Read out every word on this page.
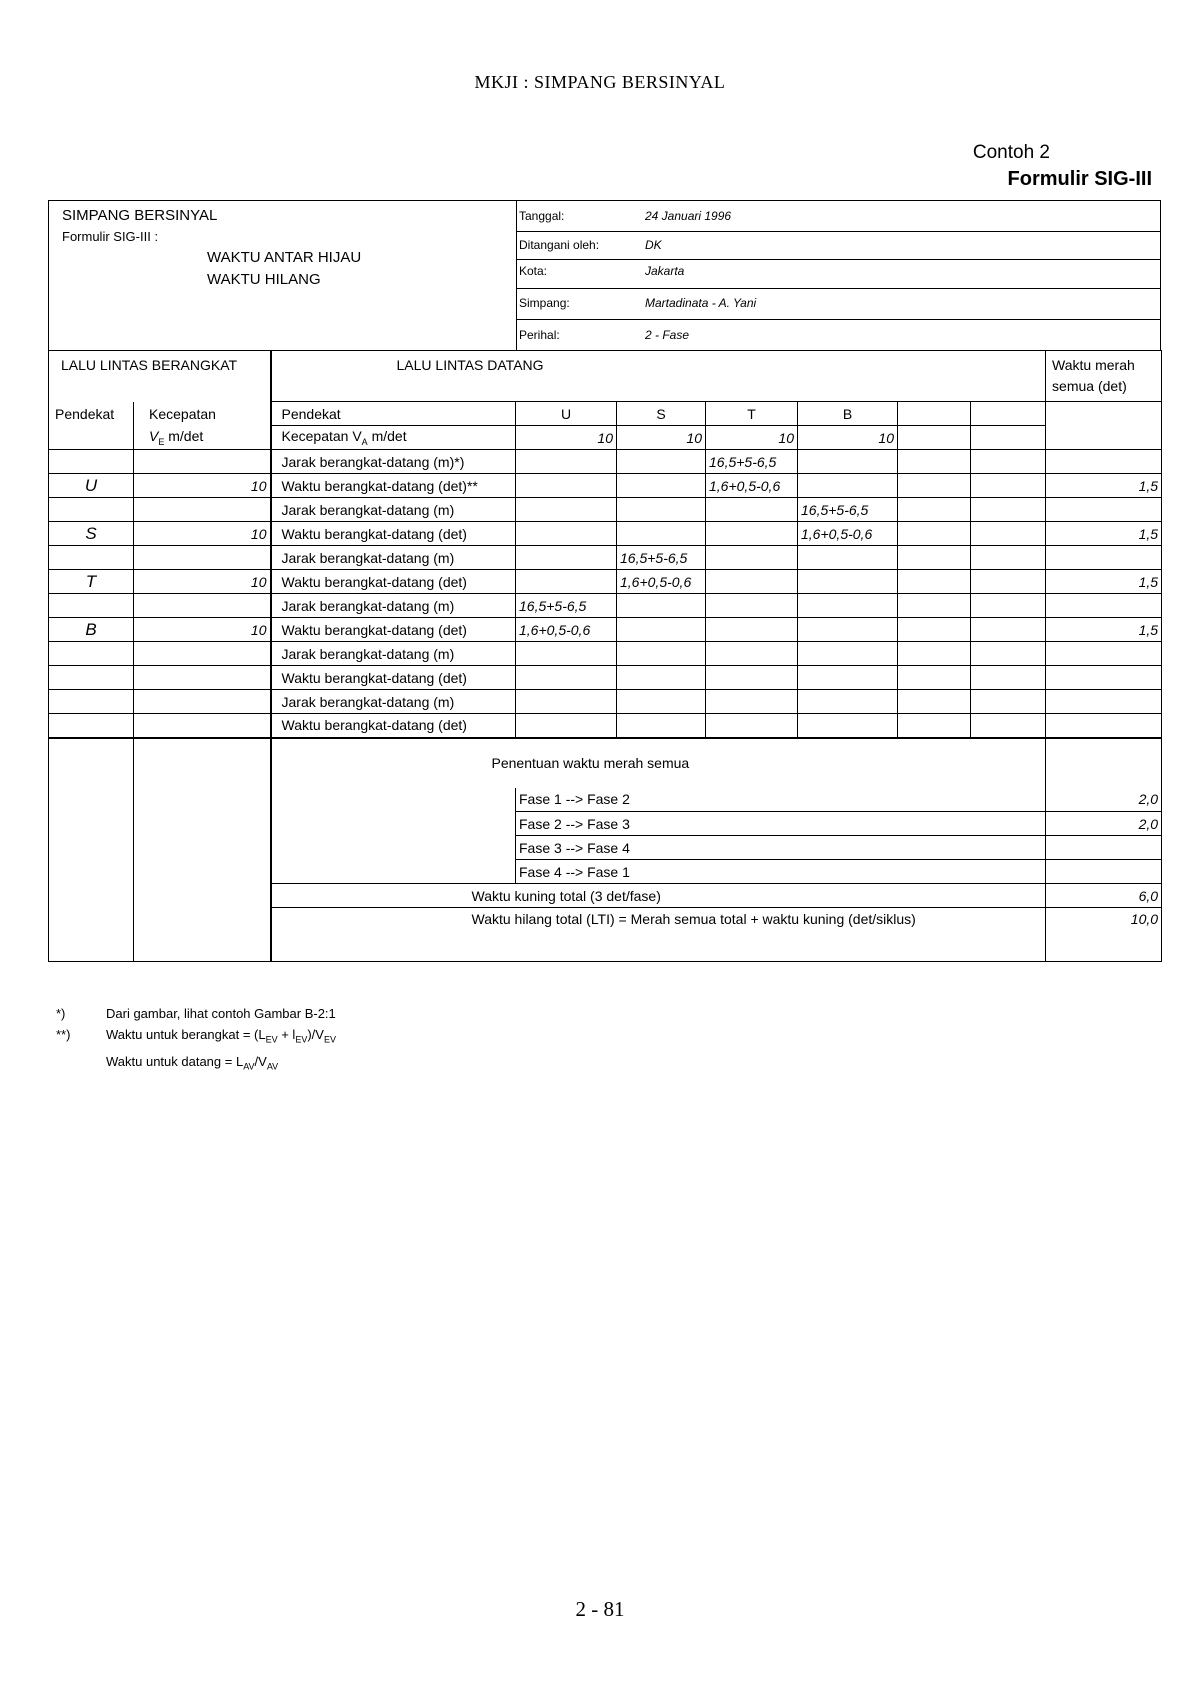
MKJI : SIMPANG BERSINYAL
Contoh 2
Formulir SIG-III
SIMPANG BERSINYAL
Formulir SIG-III :
WAKTU ANTAR HIJAU
WAKTU HILANG
Tanggal:	24 Januari 1996
Ditangani oleh:	DK
Kota:	Jakarta
Simpang:	Martadinata - A. Yani
Perihal:	2 - Fase
LALU LINTAS BERANGKAT		LALU LINTAS DATANG							Waktu merah
semua (det)

Pendekat	Kecepatan	Pendekat	U	S	T	B			
	$V_E$ m/det	Kecepatan $V_A$ m/det	10	10	10	10			
		Jarak berangkat-datang (m)*)			16,5+5-6,5				
U	10	Waktu berangkat-datang (det)**			1,6+0,5-0,6				1,5
		Jarak berangkat-datang (m)				16,5+5-6,5			
S	10	Waktu berangkat-datang (det)				1,6+0,5-0,6			1,5
		Jarak berangkat-datang (m)		16,5+5-6,5					
T	10	Waktu berangkat-datang (det)		1,6+0,5-0,6					1,5
		Jarak berangkat-datang (m)	16,5+5-6,5						
B	10	Waktu berangkat-datang (det)	1,6+0,5-0,6						1,5
		Jarak berangkat-datang (m)							
		Waktu berangkat-datang (det)							
		Jarak berangkat-datang (m)							
		Waktu berangkat-datang (det)							
		Penentuan waktu merah semua							
			Fase 1 --> Fase 2						2,0
			Fase 2 --> Fase 3						2,0
			Fase 3 --> Fase 4						
			Fase 4 --> Fase 1						
		Waktu kuning total (3 det/fase)							6,0
		Waktu hilang total (LTI) = Merah semua total + waktu kuning (det/siklus)							10,0

*)	Dari gambar, lihat contoh Gambar B-2:1
**)	Waktu untuk berangkat = $(L_{EV} + l_{EV})/V_{EV}$
Waktu untuk $datang = L_{AV}/V_{AV}$
2 - 81
